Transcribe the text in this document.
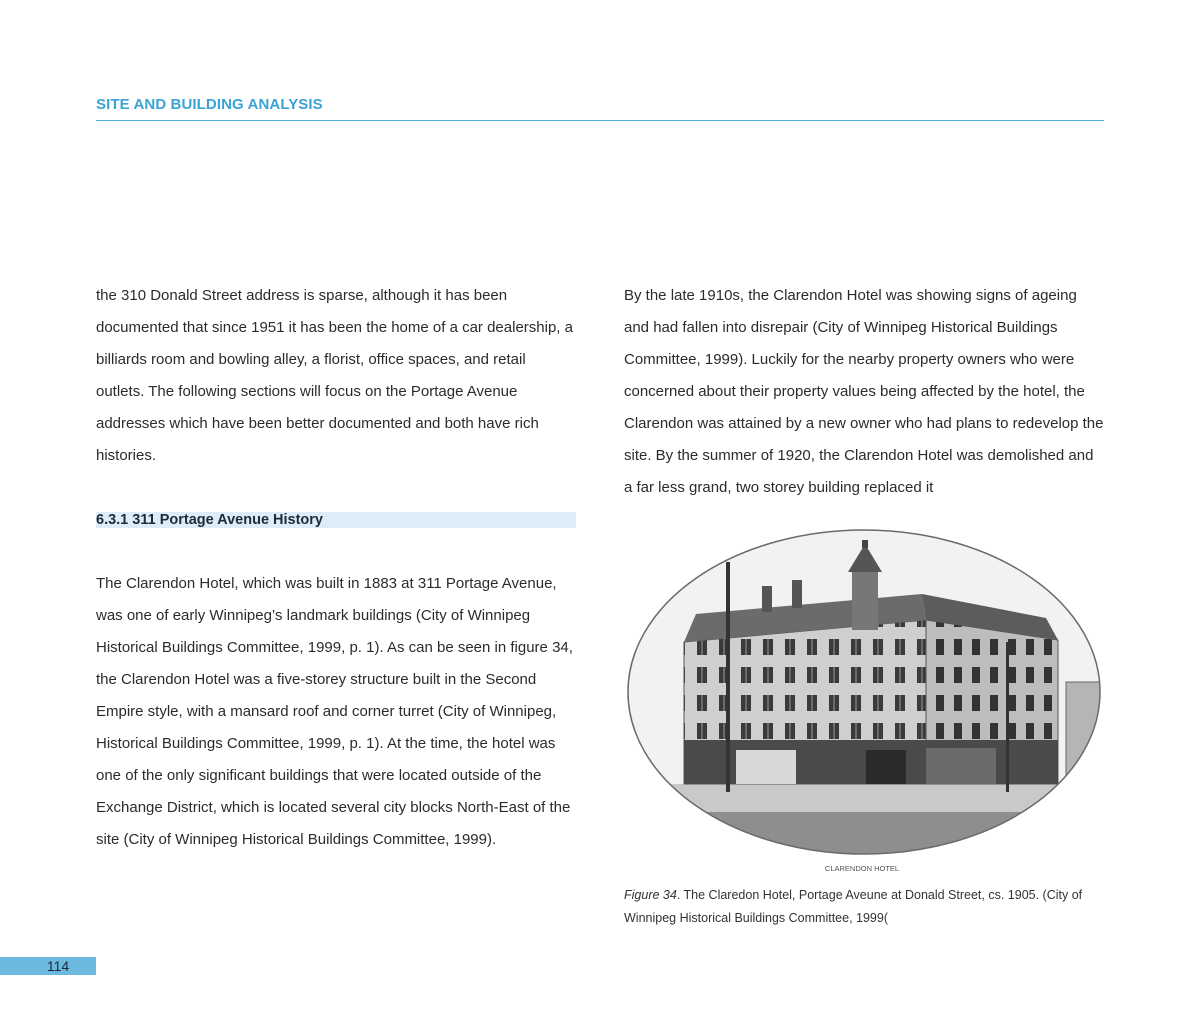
SITE AND BUILDING ANALYSIS

the 310 Donald Street address is sparse, although it has been documented that since 1951 it has been the home of a car dealership, a billiards room and bowling alley, a florist, office spaces, and retail outlets. The following sections will focus on the Portage Avenue addresses which have been better documented and both have rich histories.

6.3.1 311 Portage Avenue History

The Clarendon Hotel, which was built in 1883 at 311 Portage Avenue, was one of early Winnipeg’s landmark buildings (City of Winnipeg Historical Buildings Committee, 1999, p. 1). As can be seen in figure 34, the Clarendon Hotel was a five-storey structure built in the Second Empire style, with a mansard roof and corner turret (City of Winnipeg, Historical Buildings Committee, 1999, p. 1). At the time, the hotel was one of the only significant buildings that were located outside of the Exchange District, which is located several city blocks North-East of the site (City of Winnipeg Historical Buildings Committee, 1999).

By the late 1910s, the Clarendon Hotel was showing signs of ageing and had fallen into disrepair (City of Winnipeg Historical Buildings Committee, 1999). Luckily for the nearby property owners who were concerned about their property values being affected by the hotel, the Clarendon was attained by a new owner who had plans to redevelop the site. By the summer of 1920, the Clarendon Hotel was demolished and a far less grand, two storey building replaced it

CLARENDON HOTEL
Figure 34. The Claredon Hotel, Portage Aveune at Donald Street, cs. 1905. (City of Winnipeg Historical Buildings Committee, 1999(
114
